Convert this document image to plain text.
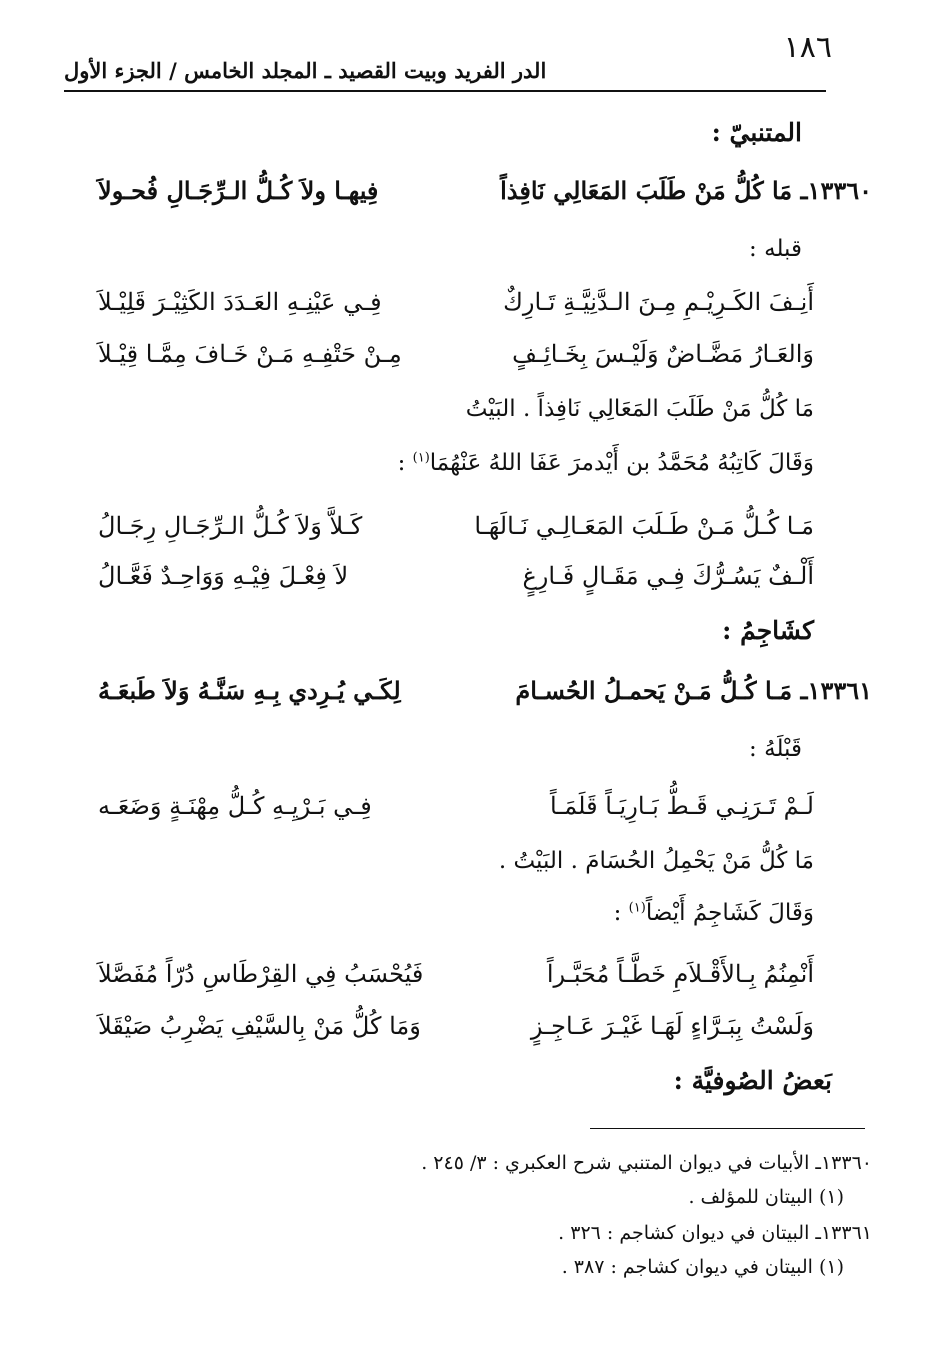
١٨٦
الدر الفريد وبيت القصيد ـ المجلد الخامس / الجزء الأول
المتنبيّ :
١٣٣٦٠ـ مَا كُلُّ مَنْ طَلَبَ المَعَالِي نَافِذاً
فِيهـا ولاَ كُـلُّ الـرِّجَـالِ فُحـولاَ
قبله :
أَنِـفَ الكَـرِيْـمِ مِـنَ الـدَّنِيَّـةِ تَـارِكٌ
فِـي عَيْنِـهِ العَـدَدَ الكَثِيْـرَ قَلِيْـلاَ
وَالعَـارُ مَضَّـاضٌ وَلَيْـسَ بِخَـائِـفٍ
مِـنْ حَتْفِـهِ مَـنْ خَـافَ مِمَّـا قِيْـلاَ
مَا كُلُّ مَنْ طَلَبَ المَعَالِي نَافِذاً . البَيْتُ
وَقَالَ كَاتِبُهُ مُحَمَّدُ بن أَيْدمرَ عَفَا اللهُ عَنْهُمَا$^{(١)}$ :
مَـا كُـلُّ مَـنْ طَـلَبَ المَعَـالِـي نَـالَهَـا
كَـلاَّ وَلاَ كُـلُّ الـرِّجَـالِ رِجَـالُ
أَلْـفٌ يَسُـرُّكَ فِـي مَقَـالٍ فَـارِغٍ
لاَ فِعْـلَ فِيْـهِ وَوَاحِـدٌ فَعَّـالُ
كشَاجِمُ :
١٣٣٦١ـ مَـا كُـلُّ مَـنْ يَحمـلُ الحُسـامَ
لِكَـي يُـرِدي بِـهِ سَنَّـهُ وَلاَ طَبعَـهُ
قَبْلَهُ :
لَـمْ تَـرَنِـي قَـطُّ بَـارِيَـاً قَلَمَـاً
فِـي بَـرْيِـهِ كُـلُّ مِهْنَـةٍ وَضَعَـه
مَا كُلُّ مَنْ يَحْمِلُ الحُسَامَ . البَيْتُ .
وَقَالَ كَشَاجِمُ أَيْضاً$^{(١)}$ :
أَنْمِنُمُ بِـالأَقْـلاَمِ خَطَّـاً مُحَبَّـراً
فَيُحْسَبُ فِي القِرْطَاسِ دُرّاً مُفَصَّلاَ
وَلَسْتُ بِبَـرَّاءٍ لَهَـا غَيْـرَ عَـاجِـزٍ
وَمَا كُلُّ مَنْ بِالسَّيْفِ يَضْرِبُ صَيْقَلاَ
بَعضُ الصُوفيَّة :
١٣٣٦٠ـ الأبيات في ديوان المتنبي شرح العكبري : ٣/ ٢٤٥ .
(١) البيتان للمؤلف .
١٣٣٦١ـ البيتان في ديوان كشاجم : ٣٢٦ .
(١) البيتان في ديوان كشاجم : ٣٨٧ .
